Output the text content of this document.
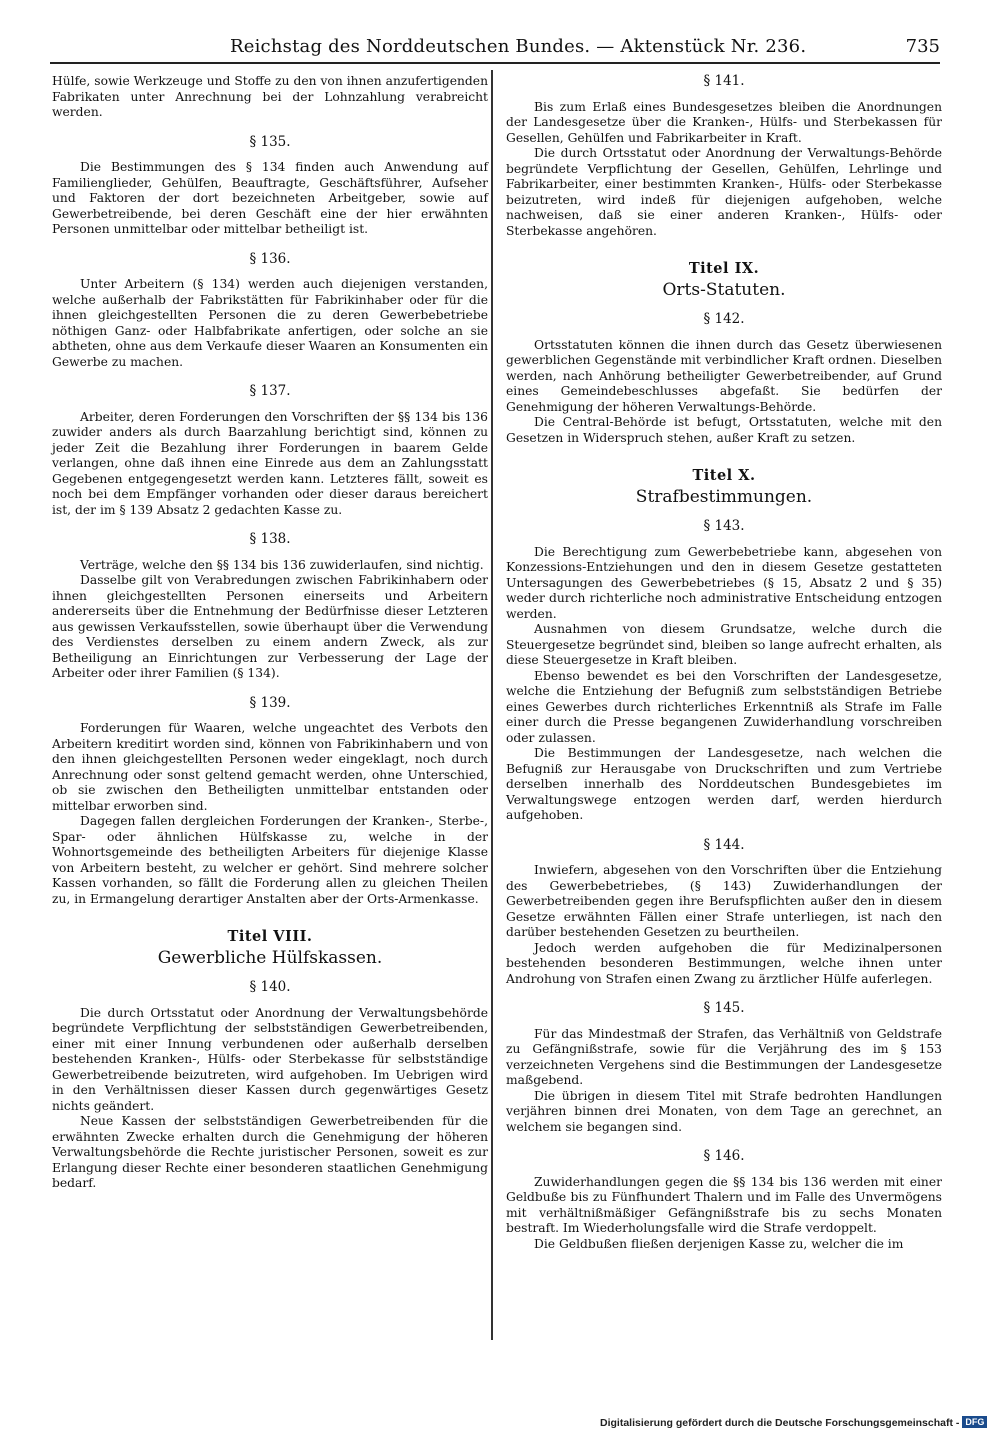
Reichstag des Norddeutschen Bundes. — Aktenstück Nr. 236.	735

Hülfe, sowie Werkzeuge und Stoffe zu den von ihnen anzufertigenden Fabrikaten unter Anrechnung bei der Lohnzahlung verabreicht werden.

§ 135.

Die Bestimmungen des § 134 finden auch Anwendung auf Familienglieder, Gehülfen, Beauftragte, Geschäftsführer, Aufseher und Faktoren der dort bezeichneten Arbeitgeber, sowie auf Gewerbetreibende, bei deren Geschäft eine der hier erwähnten Personen unmittelbar oder mittelbar betheiligt ist.

§ 136.

Unter Arbeitern (§ 134) werden auch diejenigen verstanden, welche außerhalb der Fabrikstätten für Fabrikinhaber oder für die ihnen gleichgestellten Personen die zu deren Gewerbebetriebe nöthigen Ganz- oder Halbfabrikate anfertigen, oder solche an sie abtheten, ohne aus dem Verkaufe dieser Waaren an Konsumenten ein Gewerbe zu machen.

§ 137.

Arbeiter, deren Forderungen den Vorschriften der §§ 134 bis 136 zuwider anders als durch Baarzahlung berichtigt sind, können zu jeder Zeit die Bezahlung ihrer Forderungen in baarem Gelde verlangen, ohne daß ihnen eine Einrede aus dem an Zahlungsstatt Gegebenen entgegengesetzt werden kann. Letzteres fällt, soweit es noch bei dem Empfänger vorhanden oder dieser daraus bereichert ist, der im § 139 Absatz 2 gedachten Kasse zu.

§ 138.

Verträge, welche den §§ 134 bis 136 zuwiderlaufen, sind nichtig.

Dasselbe gilt von Verabredungen zwischen Fabrikinhabern oder ihnen gleichgestellten Personen einerseits und Arbeitern andererseits über die Entnehmung der Bedürfnisse dieser Letzteren aus gewissen Verkaufsstellen, sowie überhaupt über die Verwendung des Verdienstes derselben zu einem andern Zweck, als zur Betheiligung an Einrichtungen zur Verbesserung der Lage der Arbeiter oder ihrer Familien (§ 134).

§ 139.

Forderungen für Waaren, welche ungeachtet des Verbots den Arbeitern kreditirt worden sind, können von Fabrikinhabern und von den ihnen gleichgestellten Personen weder eingeklagt, noch durch Anrechnung oder sonst geltend gemacht werden, ohne Unterschied, ob sie zwischen den Betheiligten unmittelbar entstanden oder mittelbar erworben sind.

Dagegen fallen dergleichen Forderungen der Kranken-, Sterbe-, Spar- oder ähnlichen Hülfskasse zu, welche in der Wohnortsgemeinde des betheiligten Arbeiters für diejenige Klasse von Arbeitern besteht, zu welcher er gehört. Sind mehrere solcher Kassen vorhanden, so fällt die Forderung allen zu gleichen Theilen zu, in Ermangelung derartiger Anstalten aber der Orts-Armenkasse.

Titel VIII.
Gewerbliche Hülfskassen.
§ 140.

Die durch Ortsstatut oder Anordnung der Verwaltungsbehörde begründete Verpflichtung der selbstständigen Gewerbetreibenden, einer mit einer Innung verbundenen oder außerhalb derselben bestehenden Kranken-, Hülfs- oder Sterbekasse für selbstständige Gewerbetreibende beizutreten, wird aufgehoben. Im Uebrigen wird in den Verhältnissen dieser Kassen durch gegenwärtiges Gesetz nichts geändert.

Neue Kassen der selbstständigen Gewerbetreibenden für die erwähnten Zwecke erhalten durch die Genehmigung der höheren Verwaltungsbehörde die Rechte juristischer Personen, soweit es zur Erlangung dieser Rechte einer besonderen staatlichen Genehmigung bedarf.

§ 141.

Bis zum Erlaß eines Bundesgesetzes bleiben die Anordnungen der Landesgesetze über die Kranken-, Hülfs- und Sterbekassen für Gesellen, Gehülfen und Fabrikarbeiter in Kraft.

Die durch Ortsstatut oder Anordnung der Verwaltungs-Behörde begründete Verpflichtung der Gesellen, Gehülfen, Lehrlinge und Fabrikarbeiter, einer bestimmten Kranken-, Hülfs- oder Sterbekasse beizutreten, wird indeß für diejenigen aufgehoben, welche nachweisen, daß sie einer anderen Kranken-, Hülfs- oder Sterbekasse angehören.

Titel IX.
Orts-Statuten.
§ 142.

Ortsstatuten können die ihnen durch das Gesetz überwiesenen gewerblichen Gegenstände mit verbindlicher Kraft ordnen. Dieselben werden, nach Anhörung betheiligter Gewerbetreibender, auf Grund eines Gemeindebeschlusses abgefaßt. Sie bedürfen der Genehmigung der höheren Verwaltungs-Behörde.

Die Central-Behörde ist befugt, Ortsstatuten, welche mit den Gesetzen in Widerspruch stehen, außer Kraft zu setzen.

Titel X.
Strafbestimmungen.
§ 143.

Die Berechtigung zum Gewerbebetriebe kann, abgesehen von Konzessions-Entziehungen und den in diesem Gesetze gestatteten Untersagungen des Gewerbebetriebes (§ 15, Absatz 2 und § 35) weder durch richterliche noch administrative Entscheidung entzogen werden.

Ausnahmen von diesem Grundsatze, welche durch die Steuergesetze begründet sind, bleiben so lange aufrecht erhalten, als diese Steuergesetze in Kraft bleiben.

Ebenso bewendet es bei den Vorschriften der Landesgesetze, welche die Entziehung der Befugniß zum selbstständigen Betriebe eines Gewerbes durch richterliches Erkenntniß als Strafe im Falle einer durch die Presse begangenen Zuwiderhandlung vorschreiben oder zulassen.

Die Bestimmungen der Landesgesetze, nach welchen die Befugniß zur Herausgabe von Druckschriften und zum Vertriebe derselben innerhalb des Norddeutschen Bundesgebietes im Verwaltungswege entzogen werden darf, werden hierdurch aufgehoben.

§ 144.

Inwiefern, abgesehen von den Vorschriften über die Entziehung des Gewerbebetriebes, (§ 143) Zuwiderhandlungen der Gewerbetreibenden gegen ihre Berufspflichten außer den in diesem Gesetze erwähnten Fällen einer Strafe unterliegen, ist nach den darüber bestehenden Gesetzen zu beurtheilen.

Jedoch werden aufgehoben die für Medizinalpersonen bestehenden besonderen Bestimmungen, welche ihnen unter Androhung von Strafen einen Zwang zu ärztlicher Hülfe auferlegen.

§ 145.

Für das Mindestmaß der Strafen, das Verhältniß von Geldstrafe zu Gefängnißstrafe, sowie für die Verjährung des im § 153 verzeichneten Vergehens sind die Bestimmungen der Landesgesetze maßgebend.

Die übrigen in diesem Titel mit Strafe bedrohten Handlungen verjähren binnen drei Monaten, von dem Tage an gerechnet, an welchem sie begangen sind.

§ 146.

Zuwiderhandlungen gegen die §§ 134 bis 136 werden mit einer Geldbuße bis zu Fünfhundert Thalern und im Falle des Unvermögens mit verhältnißmäßiger Gefängnißstrafe bis zu sechs Monaten bestraft. Im Wiederholungsfalle wird die Strafe verdoppelt.

Die Geldbußen fließen derjenigen Kasse zu, welcher die im

Digitalisierung gefördert durch die Deutsche Forschungsgemeinschaft - DFG
